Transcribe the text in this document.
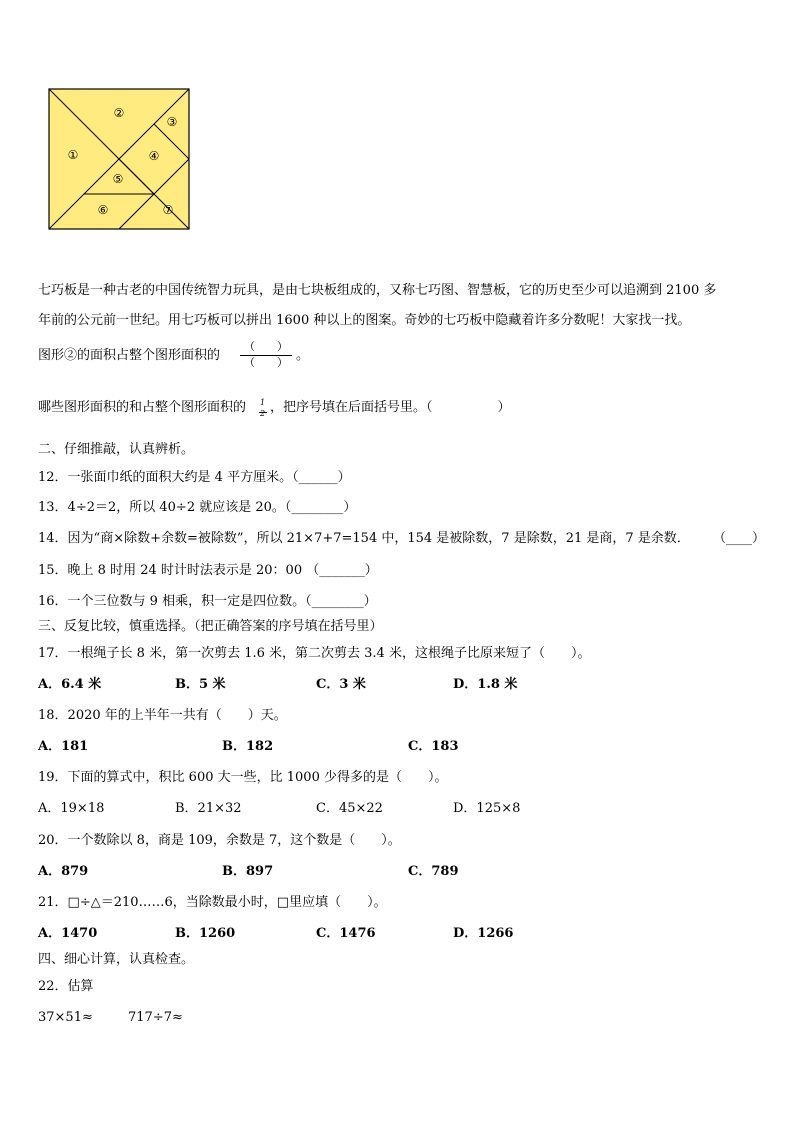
①
②
③
④
⑤
⑥	⑦
七巧板是一种古老的中国传统智力玩具，是由七块板组成的，又称七巧图、智慧板，它的历史至少可以追溯到 2100 多
年前的公元前一世纪。用七巧板可以拼出 1600 种以上的图案。奇妙的七巧板中隐藏着许多分数呢！大家找一找。
图形②的面积占整个图形面积的
（　　）
（　　） 。
哪些图形面积的和占整个图形面积的 1
2 ，把序号填在后面括号里。（　　　　　）
二、仔细推敲，认真辨析。
12．一张面巾纸的面积大约是 4 平方厘米。（______）
13．4÷2＝2，所以 40÷2 就应该是 20。（________）
14．因为“商×除数+余数=被除数”，所以 21×7+7=154 中，154 是被除数，7 是除数，21 是商，7 是余数． （____）
15．晚上 8 时用 24 时计时法表示是 20：00 （_______）
16．一个三位数与 9 相乘，积一定是四位数。（________）
三、反复比较，慎重选择。（把正确答案的序号填在括号里）
17．一根绳子长 8 米，第一次剪去 1.6 米，第二次剪去 3.4 米，这根绳子比原来短了（　　）。
A．6.4 米	B．5 米	C．3 米	D．1.8 米
18．2020 年的上半年一共有（　　）天。
A．181	B．182	C．183
19．下面的算式中，积比 600 大一些，比 1000 少得多的是（　　）。
A．19×18	B．21×32	C．45×22	D．125×8
20．一个数除以 8，商是 109，余数是 7，这个数是（　　）。
A．879	B．897	C．789
21．□÷△＝210……6，当除数最小时，□里应填（　　）。
A．1470	B．1260	C．1476	D．1266
四、细心计算，认真检查。
22．估算
37×51≈	717÷7≈
